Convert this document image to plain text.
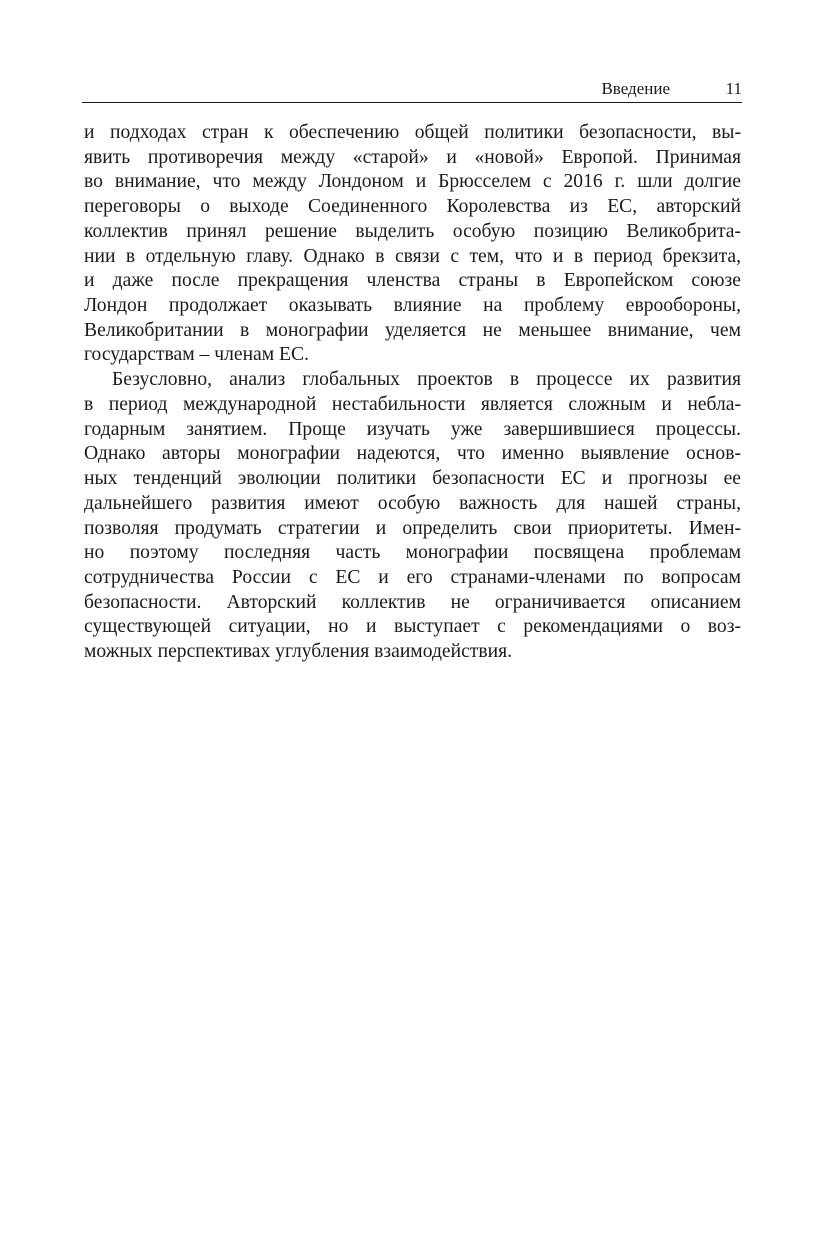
Введение	11
и подходах стран к обеспечению общей политики безопасности, вы-
явить противоречия между «старой» и «новой» Европой. Принимая
во внимание, что между Лондоном и Брюсселем с 2016 г. шли долгие
переговоры о выходе Соединенного Королевства из ЕС, авторский
коллектив принял решение выделить особую позицию Великобрита-
нии в отдельную главу. Однако в связи с тем, что и в период брекзита,
и даже после прекращения членства страны в Европейском союзе
Лондон продолжает оказывать влияние на проблему еврообороны,
Великобритании в монографии уделяется не меньшее внимание, чем
государствам – членам ЕС.
Безусловно, анализ глобальных проектов в процессе их развития
в период международной нестабильности является сложным и небла-
годарным занятием. Проще изучать уже завершившиеся процессы.
Однако авторы монографии надеются, что именно выявление основ-
ных тенденций эволюции политики безопасности ЕС и прогнозы ее
дальнейшего развития имеют особую важность для нашей страны,
позволяя продумать стратегии и определить свои приоритеты. Имен-
но поэтому последняя часть монографии посвящена проблемам
сотрудничества России с ЕС и его странами-членами по вопросам
безопасности. Авторский коллектив не ограничивается описанием
существующей ситуации, но и выступает с рекомендациями о воз-
можных перспективах углубления взаимодействия.
